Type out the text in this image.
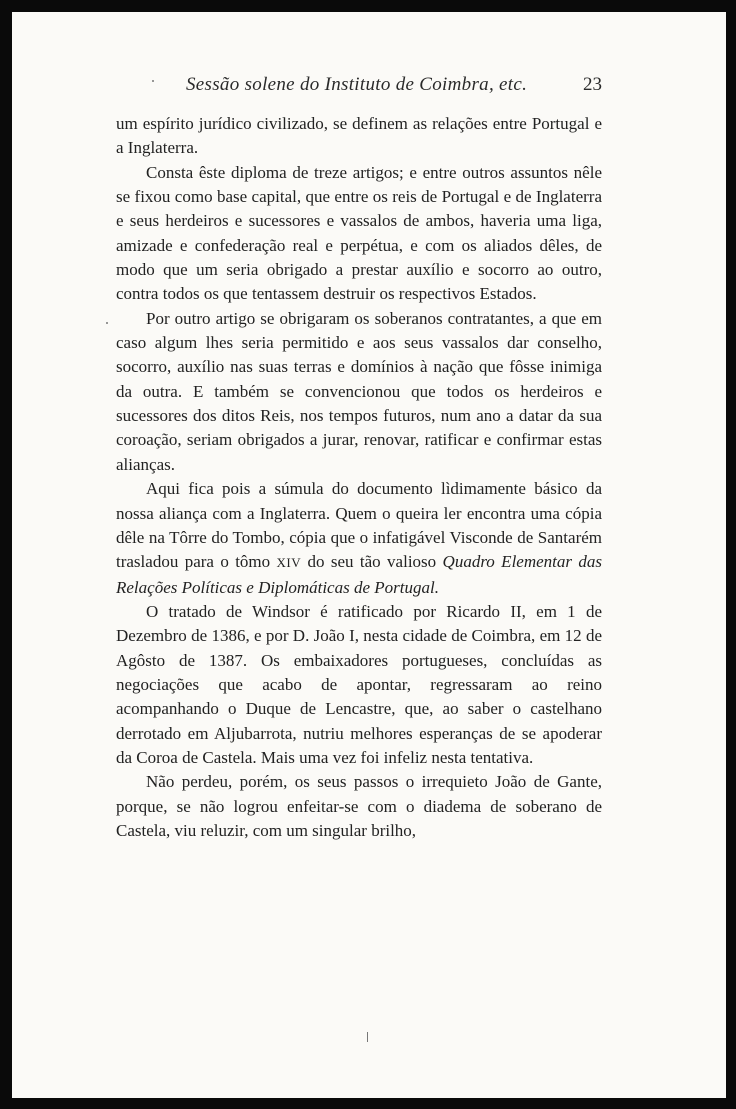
Sessão solene do Instituto de Coimbra, etc.	23

um espírito jurídico civilizado, se definem as relações entre Portugal e a Inglaterra.

Consta êste diploma de treze artigos; e entre outros assuntos nêle se fixou como base capital, que entre os reis de Portugal e de Inglaterra e seus herdeiros e sucessores e vassalos de ambos, haveria uma liga, amizade e confederação real e perpétua, e com os aliados dêles, de modo que um seria obrigado a prestar auxílio e socorro ao outro, contra todos os que tentassem destruir os respectivos Estados.

Por outro artigo se obrigaram os soberanos contratantes, a que em caso algum lhes seria permitido e aos seus vassalos dar conselho, socorro, auxílio nas suas terras e domínios à nação que fôsse inimiga da outra. E também se convencionou que todos os herdeiros e sucessores dos ditos Reis, nos tempos futuros, num ano a datar da sua coroação, seriam obrigados a jurar, renovar, ratificar e confirmar estas alianças.

Aqui fica pois a súmula do documento lìdimamente básico da nossa aliança com a Inglaterra. Quem o queira ler encontra uma cópia dêle na Tôrre do Tombo, cópia que o infatigável Visconde de Santarém trasladou para o tômo XIV do seu tão valioso Quadro Elementar das Relações Políticas e Diplomáticas de Portugal.

O tratado de Windsor é ratificado por Ricardo II, em 1 de Dezembro de 1386, e por D. João I, nesta cidade de Coimbra, em 12 de Agôsto de 1387. Os embaixadores portugueses, concluídas as negociações que acabo de apontar, regressaram ao reino acompanhando o Duque de Lencastre, que, ao saber o castelhano derrotado em Aljubarrota, nutriu melhores esperanças de se apoderar da Coroa de Castela. Mais uma vez foi infeliz nesta tentativa.

Não perdeu, porém, os seus passos o irrequieto João de Gante, porque, se não logrou enfeitar-se com o diadema de soberano de Castela, viu reluzir, com um singular brilho,
